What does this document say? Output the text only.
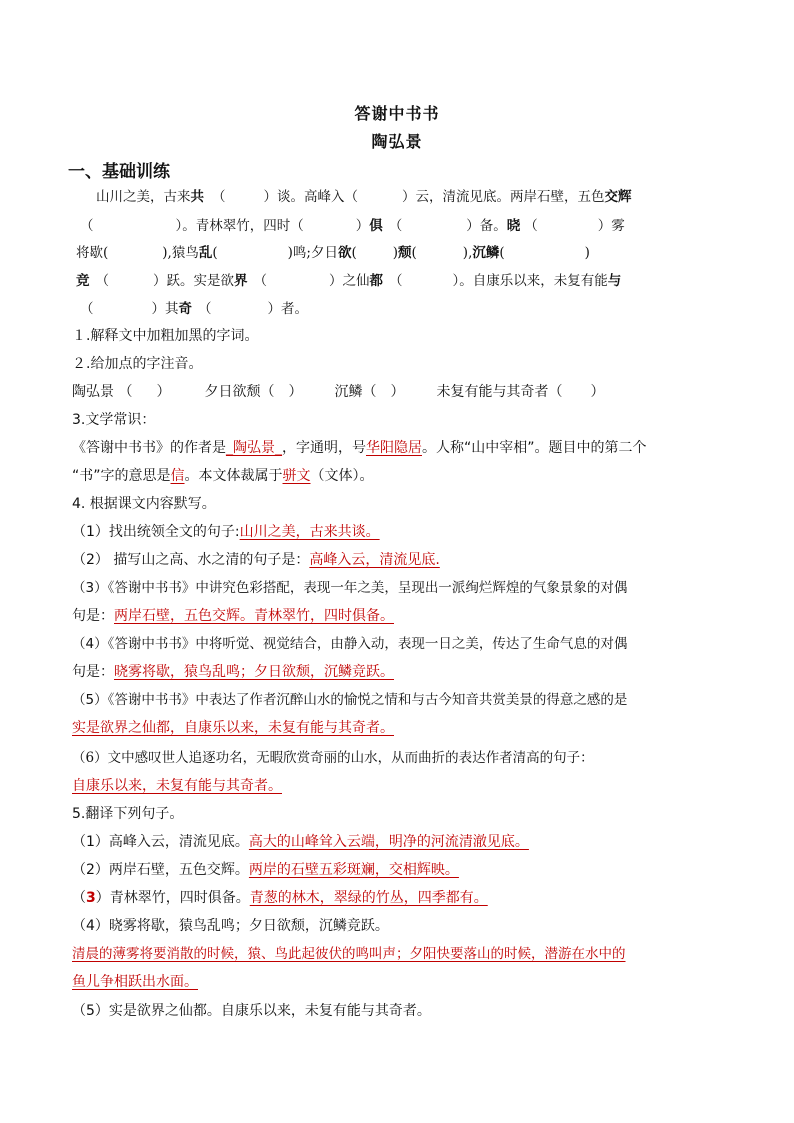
答谢中书书
陶弘景
一、基础训练
山川之美，古来共 （	）谈。高峰入（	）云，清流见底。两岸石壁，五色交辉
（	）。青林翠竹，四时（	）俱 （	）备。晓 （	）雾
将歇(	),猿鸟乱(	)鸣;夕日欲(	)颓(	),沉鳞(	)
竞 （	）跃。实是欲界 （	）之仙都 （	）。自康乐以来，未复有能与
（	）其奇 （	）者。
１.解释文中加粗加黑的字词。
２.给加点的字注音。
陶弘景 （ ） 夕日欲颓（ ） 沉鳞（ ） 未复有能与其奇者（ ）
3.文学常识：
《答谢中书书》的作者是_陶弘景_，字通明，号华阳隐居。人称“山中宰相”。题目中的第二个
“书”字的意思是信。本文体裁属于骈文（文体）。
4. 根据课文内容默写。
（1）找出统领全文的句子:山川之美，古来共谈。
（2） 描写山之高、水之清的句子是：高峰入云，清流见底.
（3）《答谢中书书》中讲究色彩搭配，表现一年之美，呈现出一派绚烂辉煌的气象景象的对偶
句是：两岸石壁，五色交辉。青林翠竹，四时俱备。
（4）《答谢中书书》中将听觉、视觉结合，由静入动，表现一日之美，传达了生命气息的对偶
句是：晓雾将歇，猿鸟乱鸣；夕日欲颓，沉鳞竞跃。
（5）《答谢中书书》中表达了作者沉醉山水的愉悦之情和与古今知音共赏美景的得意之感的是
实是欲界之仙都，自康乐以来，未复有能与其奇者。
（6）文中感叹世人追逐功名，无暇欣赏奇丽的山水，从而曲折的表达作者清高的句子：
自康乐以来，未复有能与其奇者。
5.翻译下列句子。
（1）高峰入云，清流见底。高大的山峰耸入云端，明净的河流清澈见底。
（2）两岸石壁，五色交辉。两岸的石壁五彩斑斓，交相辉映。
（3）青林翠竹，四时俱备。青葱的林木，翠绿的竹丛，四季都有。
（4）晓雾将歇，猿鸟乱鸣；夕日欲颓，沉鳞竞跃。
清晨的薄雾将要消散的时候，猿、鸟此起彼伏的鸣叫声；夕阳快要落山的时候，潜游在水中的
鱼儿争相跃出水面。
（5）实是欲界之仙都。自康乐以来，未复有能与其奇者。
